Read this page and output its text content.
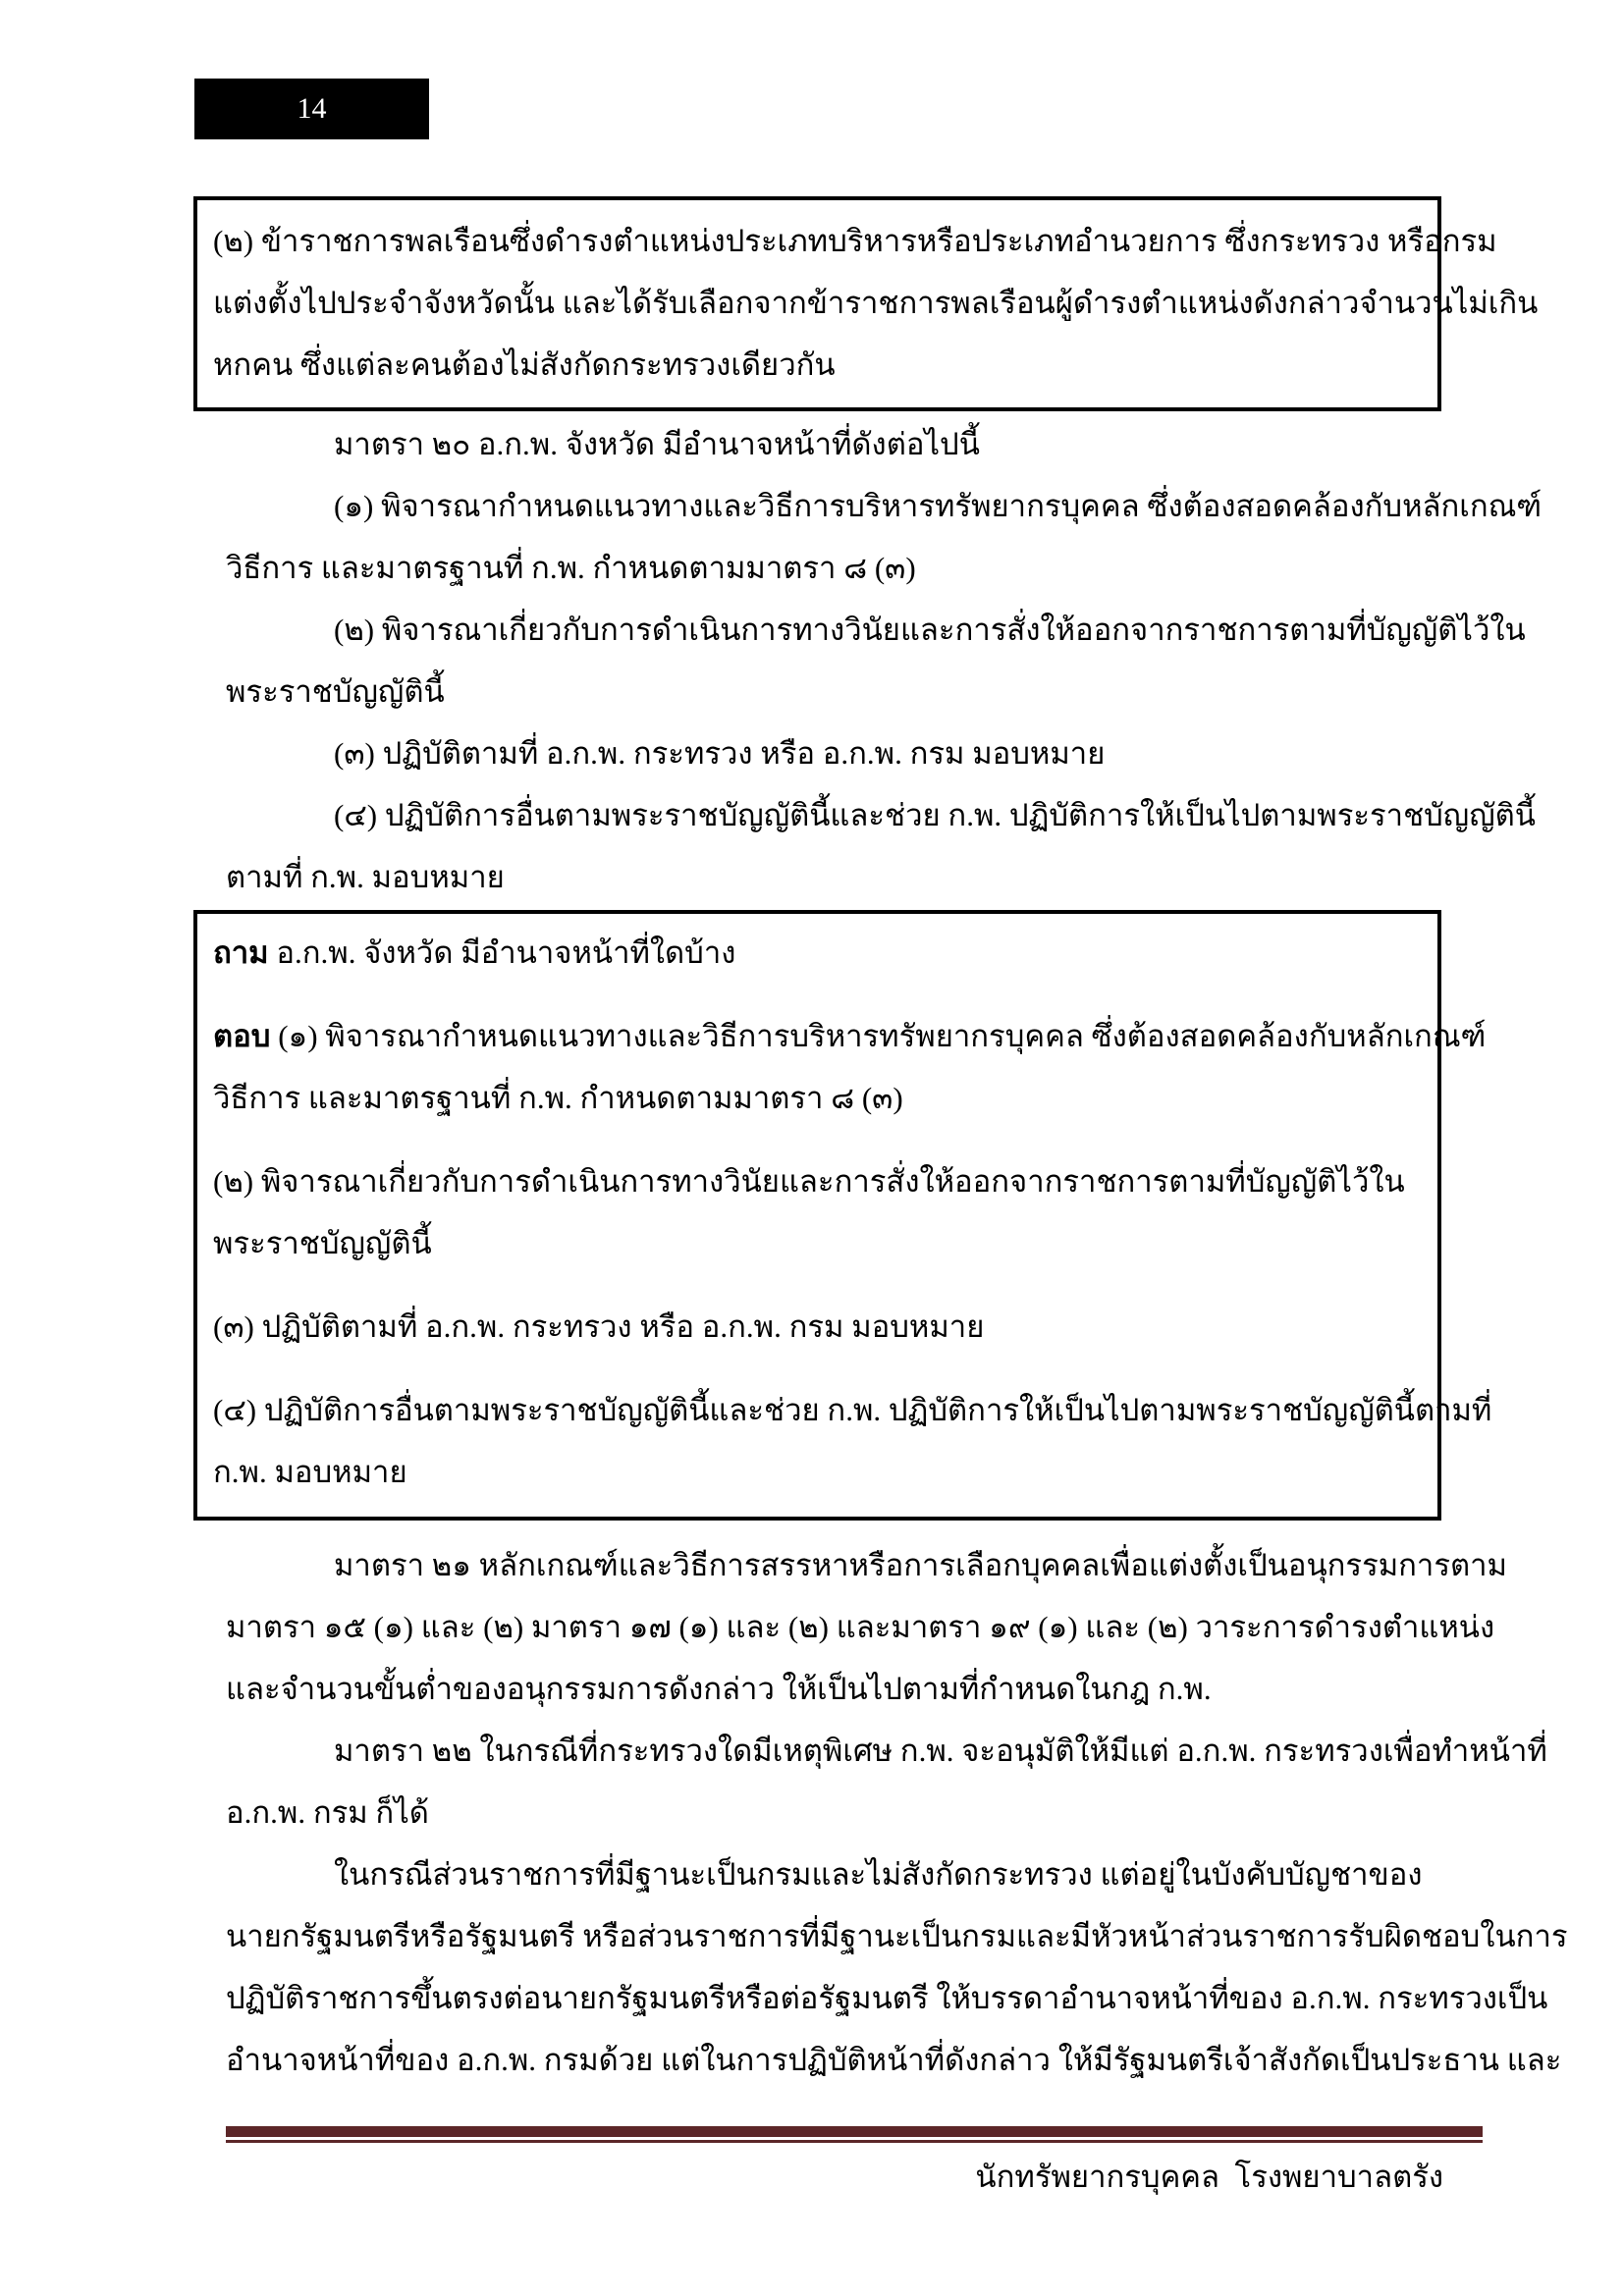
14
(๒) ข้าราชการพลเรือนซึ่งดำรงตำแหน่งประเภทบริหารหรือประเภทอำนวยการ ซึ่งกระทรวง หรือกรม
แต่งตั้งไปประจำจังหวัดนั้น และได้รับเลือกจากข้าราชการพลเรือนผู้ดำรงตำแหน่งดังกล่าวจำนวนไม่เกิน
หกคน ซึ่งแต่ละคนต้องไม่สังกัดกระทรวงเดียวกัน
มาตรา ๒๐ อ.ก.พ. จังหวัด มีอำนาจหน้าที่ดังต่อไปนี้
(๑) พิจารณากำหนดแนวทางและวิธีการบริหารทรัพยากรบุคคล ซึ่งต้องสอดคล้องกับหลักเกณฑ์
วิธีการ และมาตรฐานที่ ก.พ. กำหนดตามมาตรา ๘ (๓)
(๒) พิจารณาเกี่ยวกับการดำเนินการทางวินัยและการสั่งให้ออกจากราชการตามที่บัญญัติไว้ใน
พระราชบัญญัตินี้
(๓) ปฏิบัติตามที่ อ.ก.พ. กระทรวง หรือ อ.ก.พ. กรม มอบหมาย
(๔) ปฏิบัติการอื่นตามพระราชบัญญัตินี้และช่วย ก.พ. ปฏิบัติการให้เป็นไปตามพระราชบัญญัตินี้
ตามที่ ก.พ. มอบหมาย
ถาม อ.ก.พ. จังหวัด มีอำนาจหน้าที่ใดบ้าง
ตอบ (๑) พิจารณากำหนดแนวทางและวิธีการบริหารทรัพยากรบุคคล ซึ่งต้องสอดคล้องกับหลักเกณฑ์
วิธีการ และมาตรฐานที่ ก.พ. กำหนดตามมาตรา ๘ (๓)
(๒) พิจารณาเกี่ยวกับการดำเนินการทางวินัยและการสั่งให้ออกจากราชการตามที่บัญญัติไว้ใน
พระราชบัญญัตินี้
(๓) ปฏิบัติตามที่ อ.ก.พ. กระทรวง หรือ อ.ก.พ. กรม มอบหมาย
(๔) ปฏิบัติการอื่นตามพระราชบัญญัตินี้และช่วย ก.พ. ปฏิบัติการให้เป็นไปตามพระราชบัญญัตินี้ตามที่
ก.พ. มอบหมาย
มาตรา ๒๑ หลักเกณฑ์และวิธีการสรรหาหรือการเลือกบุคคลเพื่อแต่งตั้งเป็นอนุกรรมการตาม
มาตรา ๑๕ (๑) และ (๒) มาตรา ๑๗ (๑) และ (๒) และมาตรา ๑๙ (๑) และ (๒) วาระการดำรงตำแหน่ง
และจำนวนขั้นต่ำของอนุกรรมการดังกล่าว ให้เป็นไปตามที่กำหนดในกฎ ก.พ.
มาตรา ๒๒ ในกรณีที่กระทรวงใดมีเหตุพิเศษ ก.พ. จะอนุมัติให้มีแต่ อ.ก.พ. กระทรวงเพื่อทำหน้าที่
อ.ก.พ. กรม ก็ได้
ในกรณีส่วนราชการที่มีฐานะเป็นกรมและไม่สังกัดกระทรวง แต่อยู่ในบังคับบัญชาของ
นายกรัฐมนตรีหรือรัฐมนตรี หรือส่วนราชการที่มีฐานะเป็นกรมและมีหัวหน้าส่วนราชการรับผิดชอบในการ
ปฏิบัติราชการขึ้นตรงต่อนายกรัฐมนตรีหรือต่อรัฐมนตรี ให้บรรดาอำนาจหน้าที่ของ อ.ก.พ. กระทรวงเป็น
อำนาจหน้าที่ของ อ.ก.พ. กรมด้วย แต่ในการปฏิบัติหน้าที่ดังกล่าว ให้มีรัฐมนตรีเจ้าสังกัดเป็นประธาน และ
นักทรัพยากรบุคคล  โรงพยาบาลตรัง
